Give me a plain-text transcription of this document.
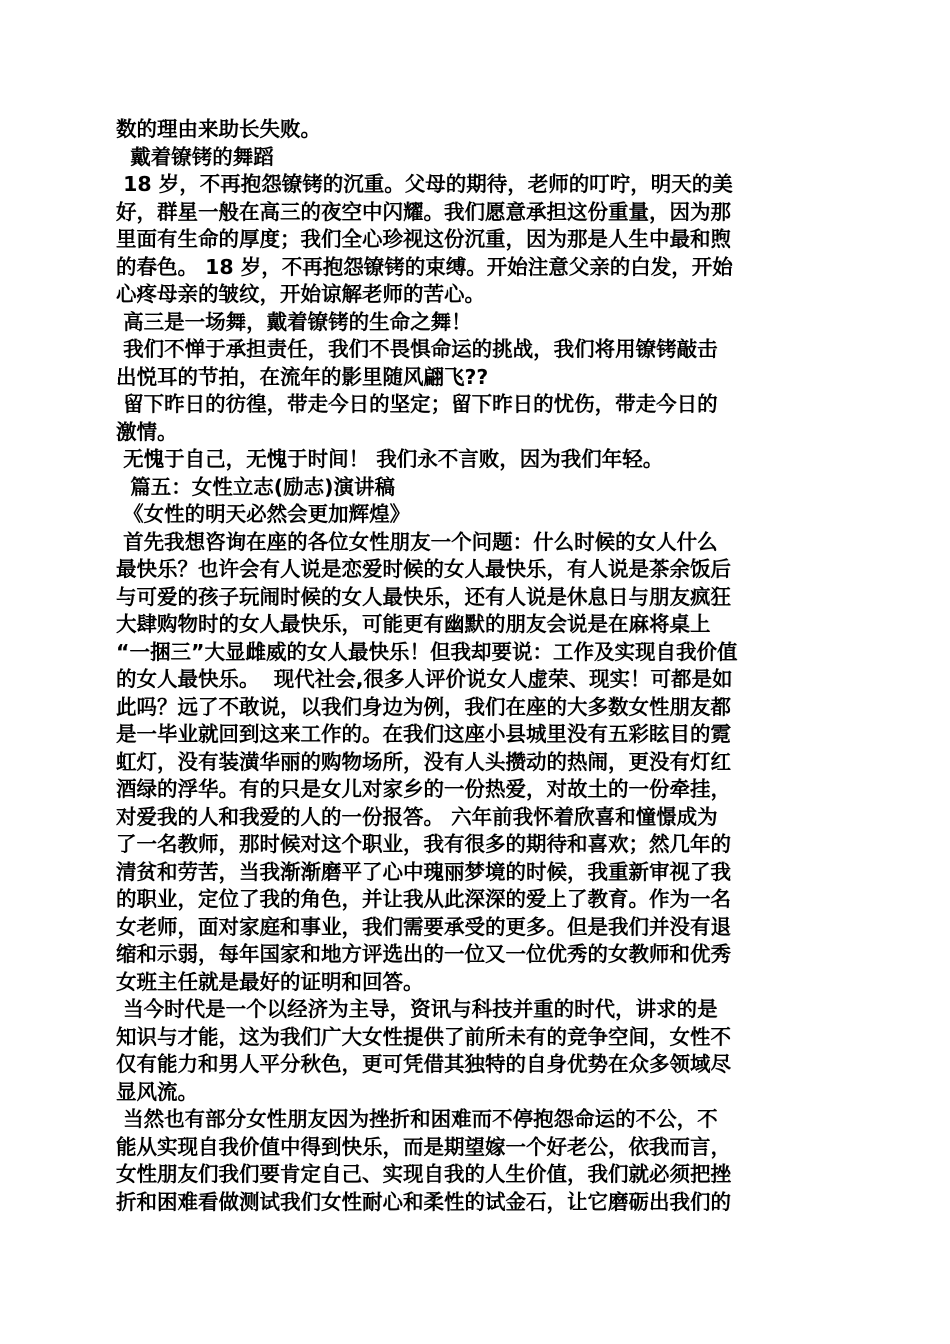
数的理由来助长失败。
戴着镣铐的舞蹈
18 岁，不再抱怨镣铐的沉重。父母的期待，老师的叮咛，明天的美
好，群星一般在高三的夜空中闪耀。我们愿意承担这份重量，因为那
里面有生命的厚度；我们全心珍视这份沉重，因为那是人生中最和煦
的春色。 18 岁，不再抱怨镣铐的束缚。开始注意父亲的白发，开始
心疼母亲的皱纹，开始谅解老师的苦心。
高三是一场舞，戴着镣铐的生命之舞！
我们不惮于承担责任，我们不畏惧命运的挑战，我们将用镣铐敲击
出悦耳的节拍，在流年的影里随风翩飞??
留下昨日的彷徨，带走今日的坚定；留下昨日的忧伤，带走今日的
激情。
无愧于自己，无愧于时间！ 我们永不言败，因为我们年轻。
篇五：女性立志(励志)演讲稿
《女性的明天必然会更加辉煌》
首先我想咨询在座的各位女性朋友一个问题：什么时候的女人什么
最快乐？也许会有人说是恋爱时候的女人最快乐，有人说是茶余饭后
与可爱的孩子玩闹时候的女人最快乐，还有人说是休息日与朋友疯狂
大肆购物时的女人最快乐，可能更有幽默的朋友会说是在麻将桌上
“一捆三”大显雌威的女人最快乐！但我却要说：工作及实现自我价值
的女人最快乐。  现代社会,很多人评价说女人虚荣、现实！可都是如
此吗？远了不敢说，以我们身边为例，我们在座的大多数女性朋友都
是一毕业就回到这来工作的。在我们这座小县城里没有五彩眩目的霓
虹灯，没有装潢华丽的购物场所，没有人头攒动的热闹，更没有灯红
酒绿的浮华。有的只是女儿对家乡的一份热爱，对故土的一份牵挂，
对爱我的人和我爱的人的一份报答。 六年前我怀着欣喜和憧憬成为
了一名教师，那时候对这个职业，我有很多的期待和喜欢；然几年的
清贫和劳苦，当我渐渐磨平了心中瑰丽梦境的时候，我重新审视了我
的职业，定位了我的角色，并让我从此深深的爱上了教育。作为一名
女老师，面对家庭和事业，我们需要承受的更多。但是我们并没有退
缩和示弱，每年国家和地方评选出的一位又一位优秀的女教师和优秀
女班主任就是最好的证明和回答。
当今时代是一个以经济为主导，资讯与科技并重的时代，讲求的是
知识与才能，这为我们广大女性提供了前所未有的竞争空间，女性不
仅有能力和男人平分秋色，更可凭借其独特的自身优势在众多领域尽
显风流。
当然也有部分女性朋友因为挫折和困难而不停抱怨命运的不公，不
能从实现自我价值中得到快乐，而是期望嫁一个好老公，依我而言，
女性朋友们我们要肯定自己、实现自我的人生价值，我们就必须把挫
折和困难看做测试我们女性耐心和柔性的试金石，让它磨砺出我们的
